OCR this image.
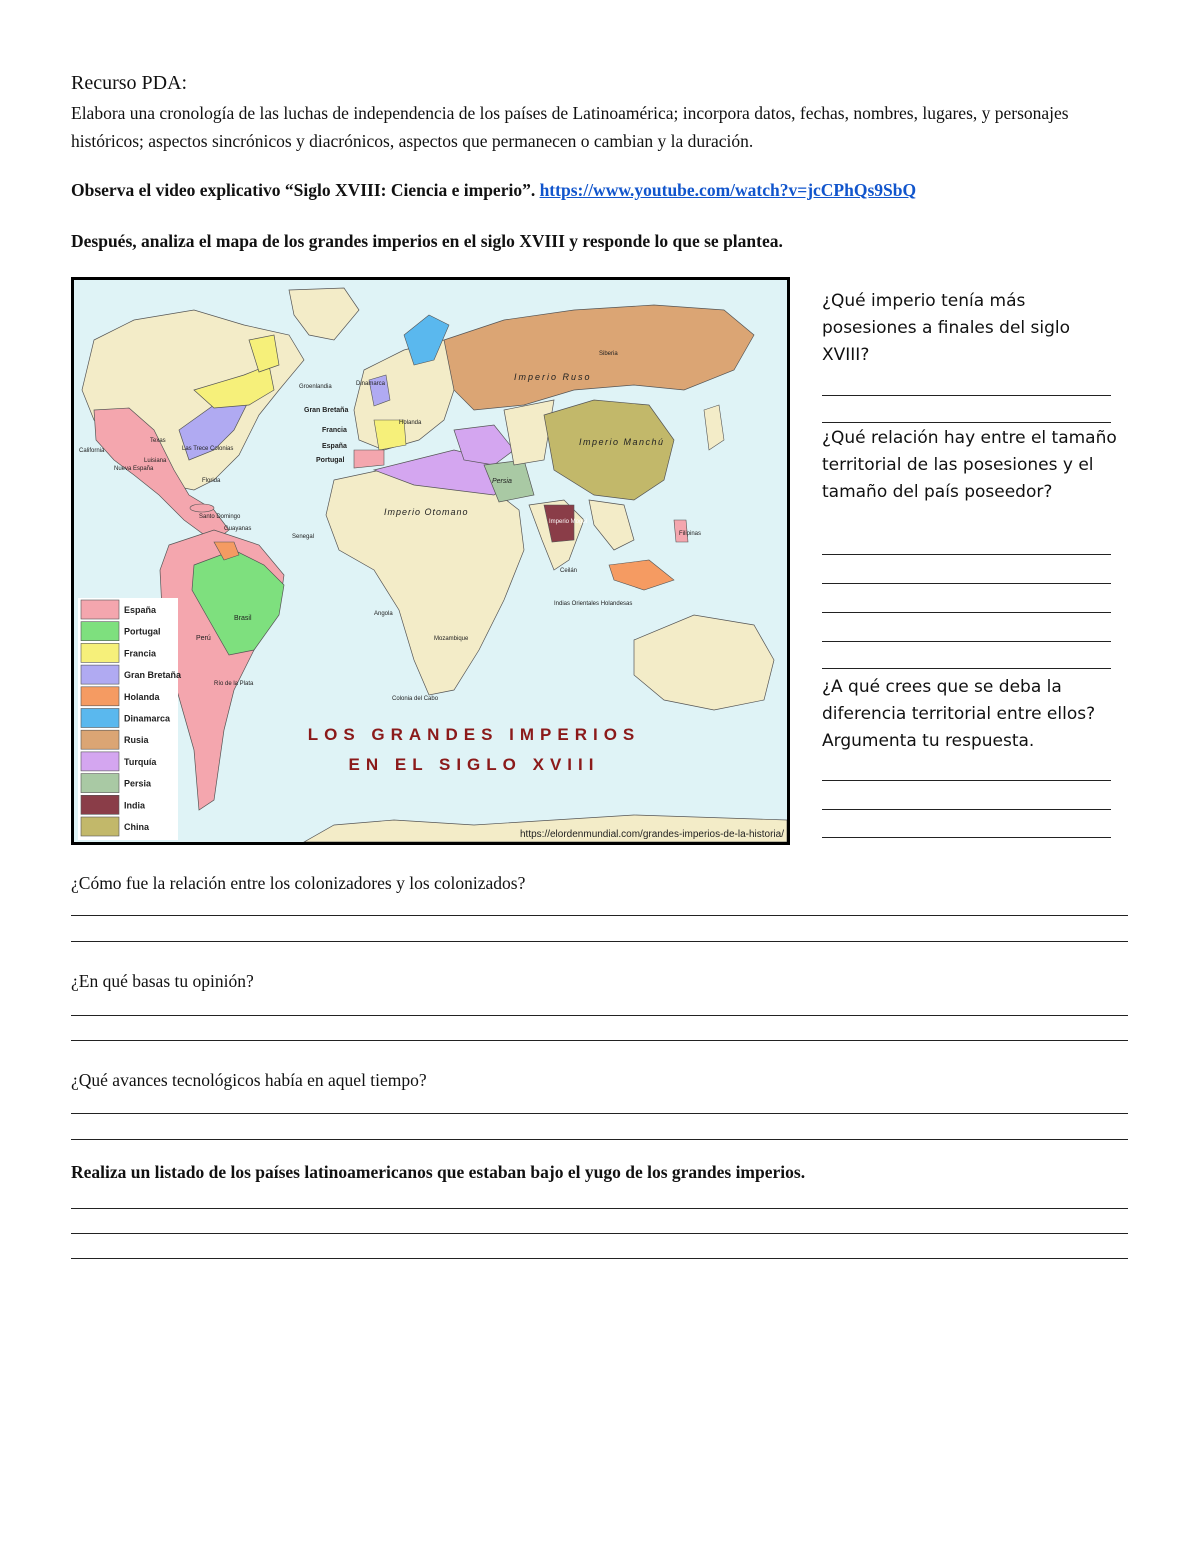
Recurso PDA:
Elabora una cronología de las luchas de independencia de los países de Latinoamérica; incorpora datos, fechas, nombres, lugares, y personajes históricos; aspectos sincrónicos y diacrónicos, aspectos que permanecen o cambian y la duración.
Observa el video explicativo “Siglo XVIII: Ciencia e imperio”. https://www.youtube.com/watch?v=jcCPhQs9SbQ
Después, analiza el mapa de los grandes imperios en el siglo XVIII y responde lo que se plantea.
Imperio Ruso
Imperio Manchú
Imperio Otomano
Persia
Brasil
Perú
Gran Bretaña
Francia
España
Portugal
Siberia
Groenlandia	Dinamarca
Holanda
Texas
Luisiana
Las Trece Colonias
Florida
Nueva España
California
Santo Domingo
Guayanas
Río de la Plata
Senegal
Angola
Mozambique
Colonia del Cabo
Ceilán
Filipinas
Indias Orientales Holandesas
Imperio Mogol
LOS GRANDES IMPERIOS
EN EL SIGLO XVIII
https://elordenmundial.com/grandes-imperios-de-la-historia/
España
Portugal
Francia
Gran Bretaña
Holanda
Dinamarca
Rusia
Turquía
Persia
India
China
¿Qué imperio tenía más posesiones a finales del siglo XVIII?
¿Qué relación hay entre el tamaño territorial de las posesiones y el tamaño del país poseedor?
¿A qué crees que se deba la diferencia territorial entre ellos? Argumenta tu respuesta.
¿Cómo fue la relación entre los colonizadores y los colonizados?
¿En qué basas tu opinión?
¿Qué avances tecnológicos había en aquel tiempo?
Realiza un listado de los países latinoamericanos que estaban bajo el yugo de los grandes imperios.
